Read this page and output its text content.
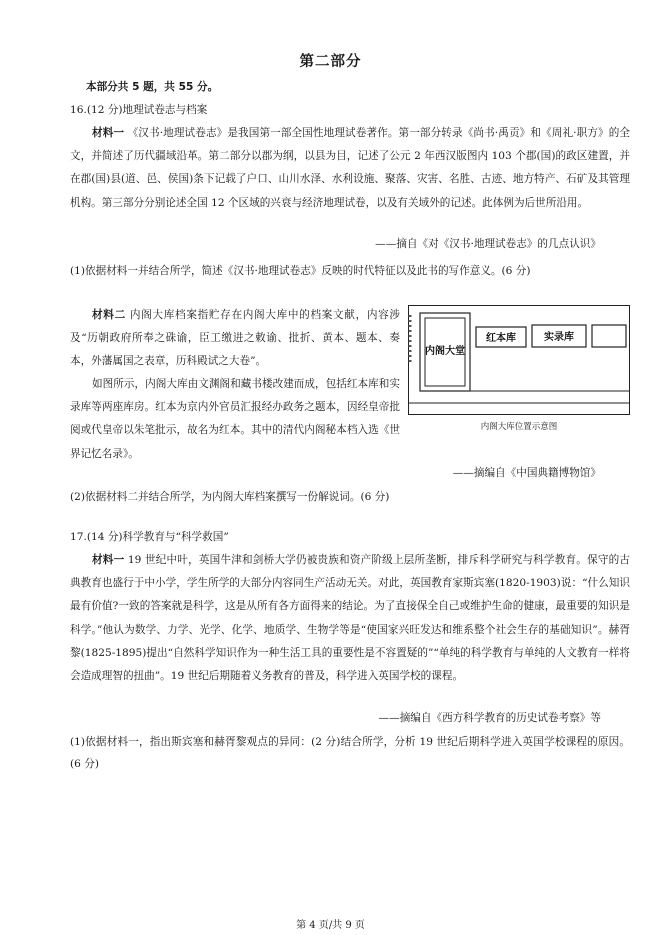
第二部分
本部分共 5 题，共 55 分。
16.(12 分)地理试卷志与档案
材料一 《汉书·地理试卷志》是我国第一部全国性地理试卷著作。第一部分转录《尚书·禹贡》和《周礼·职方》的全文，并简述了历代疆域沿革。第二部分以郡为纲，以县为目，记述了公元 2 年西汉版图内 103 个郡(国)的政区建置，并在郡(国)县(道、邑、侯国)条下记载了户口、山川水泽、水利设施、聚落、灾害、名胜、古迹、地方特产、石矿及其管理机构。第三部分分别论述全国 12 个区域的兴衰与经济地理试卷，以及有关域外的记述。此体例为后世所沿用。
——摘自《对《汉书·地理试卷志》的几点认识》
(1)依据材料一并结合所学，简述《汉书·地理试卷志》反映的时代特征以及此书的写作意义。(6 分)
材料二 内阁大库档案指贮存在内阁大库中的档案文献，内容涉及“历朝政府所奉之硃谕，臣工缴进之敕谕、批折、黄本、题本、奏本，外藩属国之表章，历科殿试之大卷”。
如图所示，内阁大库由文渊阁和藏书楼改建而成，包括红本库和实录库等两座库房。红本为京内外官员汇报经办政务之题本，因经皇帝批阅或代皇帝以朱笔批示，故名为红本。其中的清代内阁秘本档入选《世界记忆名录》。
内阁大堂
红本库	实录库
内阁大库位置示意图
——摘编自《中国典籍博物馆》
(2)依据材料二并结合所学，为内阁大库档案撰写一份解说词。(6 分)
17.(14 分)科学教育与“科学救国”
材料一 19 世纪中叶，英国牛津和剑桥大学仍被贵族和资产阶级上层所垄断，排斥科学研究与科学教育。保守的古典教育也盛行于中小学，学生所学的大部分内容同生产活动无关。对此，英国教育家斯宾塞(1820-1903)说：“什么知识最有价值?一致的答案就是科学，这是从所有各方面得来的结论。为了直接保全自己或维护生命的健康，最重要的知识是科学。”他认为数学、力学、光学、化学、地质学、生物学等是“使国家兴旺发达和维系整个社会生存的基础知识”。赫胥黎(1825-1895)提出“自然科学知识作为一种生活工具的重要性是不容置疑的”“单纯的科学教育与单纯的人文教育一样将会造成理智的扭曲”。19 世纪后期随着义务教育的普及，科学进入英国学校的课程。
——摘编自《西方科学教育的历史试卷考察》等
(1)依据材料一，指出斯宾塞和赫胥黎观点的异同：(2 分)结合所学，分析 19 世纪后期科学进入英国学校课程的原因。(6 分)
第 4 页/共 9 页
